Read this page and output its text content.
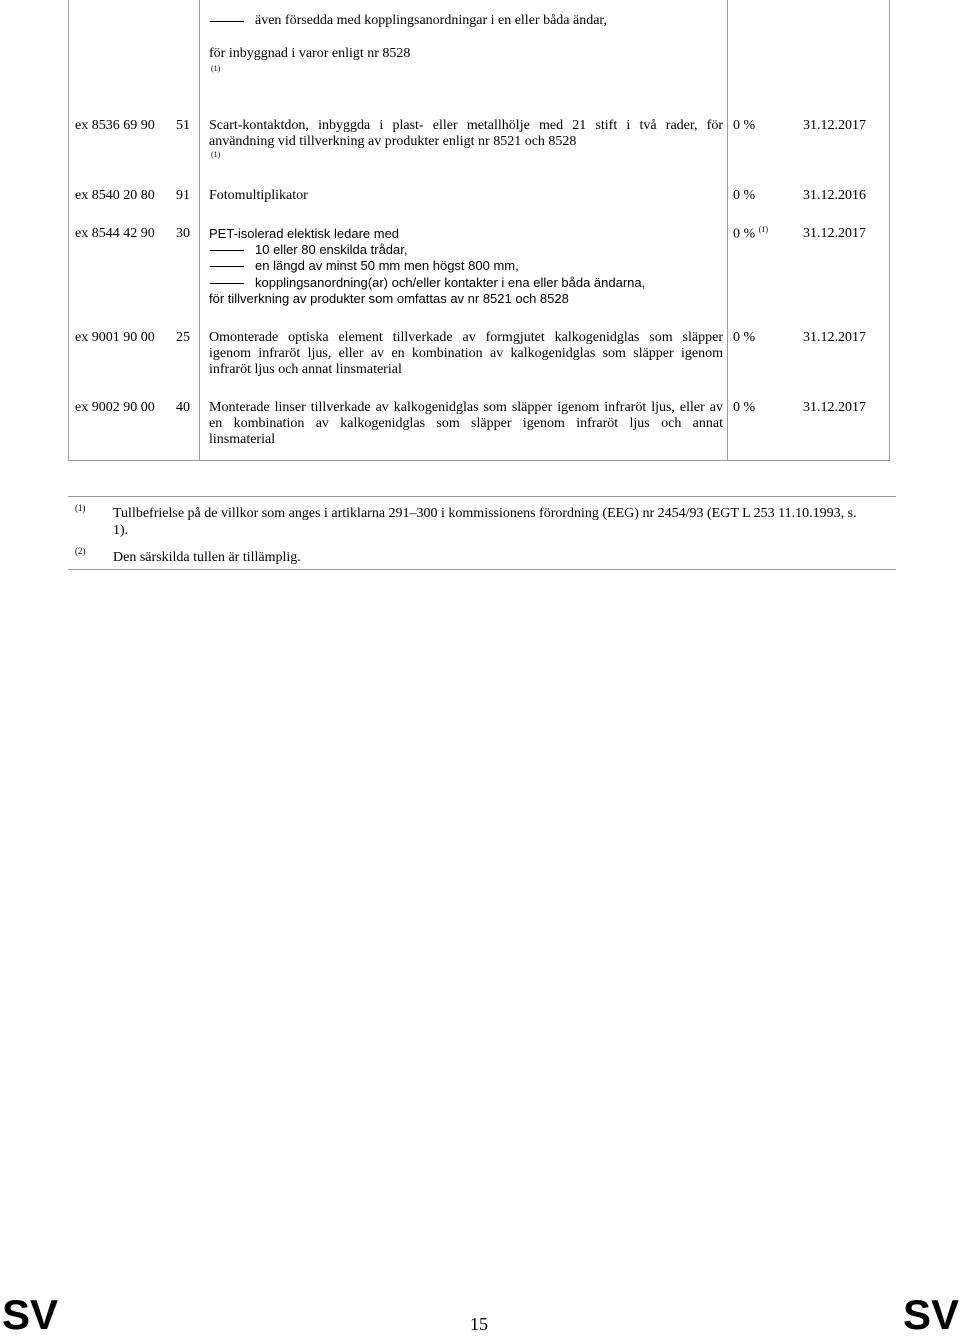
även försedda med kopplingsanordningar i en eller båda ändar,
för inbyggnad i varor enligt nr 8528
(1)
ex 8536 69 90 51 Scart-kontaktdon, inbyggda i plast- eller metallhölje med 21 stift i två rader, för
användning vid tillverkning av produkter enligt nr 8521 och 8528
(1)
0 %	31.12.2017
ex 8540 20 80 91 Fotomultiplikator	0 %	31.12.2016
ex 8544 42 90 30 PET-isolerad elektisk ledare med
10 eller 80 enskilda trådar,
en längd av minst 50 mm men högst 800 mm,
kopplingsanordning(ar) och/eller kontakter i ena eller båda ändarna,
för tillverkning av produkter som omfattas av nr 8521 och 8528
0 % $^{(1)}$	31.12.2017
ex 9001 90 00 25 Omonterade optiska element tillverkade av formgjutet kalkogenidglas som släpper
igenom infraröt ljus, eller av en kombination av kalkogenidglas som släpper igenom
infraröt ljus och annat linsmaterial
0 %	31.12.2017
ex 9002 90 00 40 Monterade linser tillverkade av kalkogenidglas som släpper igenom infraröt ljus, eller av
en kombination av kalkogenidglas som släpper igenom infraröt ljus och annat
linsmaterial
0 %	31.12.2017
(1) Tullbefrielse på de villkor som anges i artiklarna 291–300 i kommissionens förordning (EEG) nr 2454/93 (EGT L 253 11.10.1993, s.
1).
(2) Den särskilda tullen är tillämplig.
SV	15	SV
